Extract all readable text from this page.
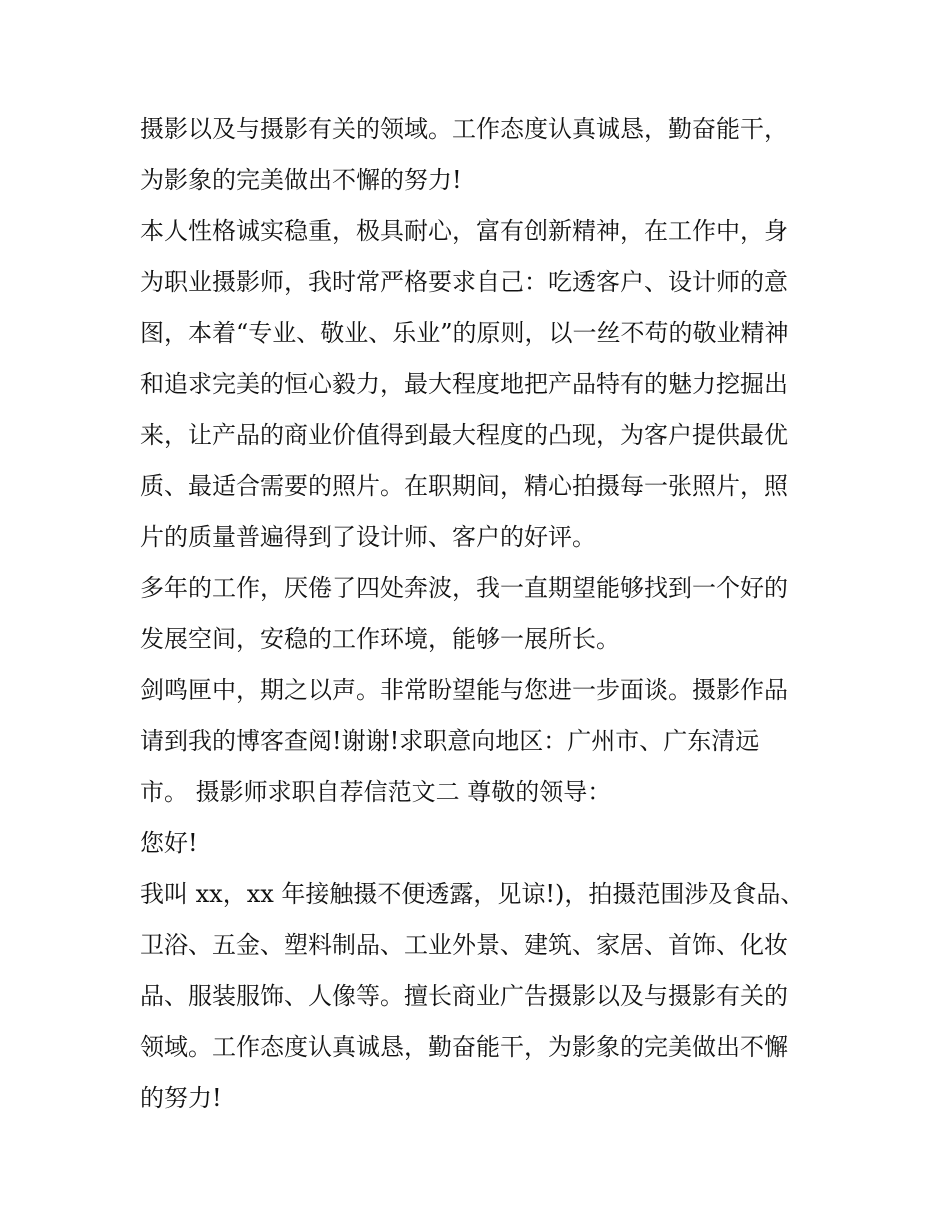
摄影以及与摄影有关的领域。工作态度认真诚恳，勤奋能干，
为影象的完美做出不懈的努力!
本人性格诚实稳重，极具耐心，富有创新精神，在工作中，身
为职业摄影师，我时常严格要求自己：吃透客户、设计师的意
图，本着“专业、敬业、乐业”的原则，以一丝不苟的敬业精神
和追求完美的恒心毅力，最大程度地把产品特有的魅力挖掘出
来，让产品的商业价值得到最大程度的凸现，为客户提供最优
质、最适合需要的照片。在职期间，精心拍摄每一张照片，照
片的质量普遍得到了设计师、客户的好评。
多年的工作，厌倦了四处奔波，我一直期望能够找到一个好的
发展空间，安稳的工作环境，能够一展所长。
剑鸣匣中，期之以声。非常盼望能与您进一步面谈。摄影作品
请到我的博客查阅!谢谢!求职意向地区：广州市、广东清远
市。 摄影师求职自荐信范文二 尊敬的领导：
您好!
我叫 xx，xx 年接触摄不便透露，见谅!)，拍摄范围涉及食品、
卫浴、五金、塑料制品、工业外景、建筑、家居、首饰、化妆
品、服装服饰、人像等。擅长商业广告摄影以及与摄影有关的
领域。工作态度认真诚恳，勤奋能干，为影象的完美做出不懈
的努力!
